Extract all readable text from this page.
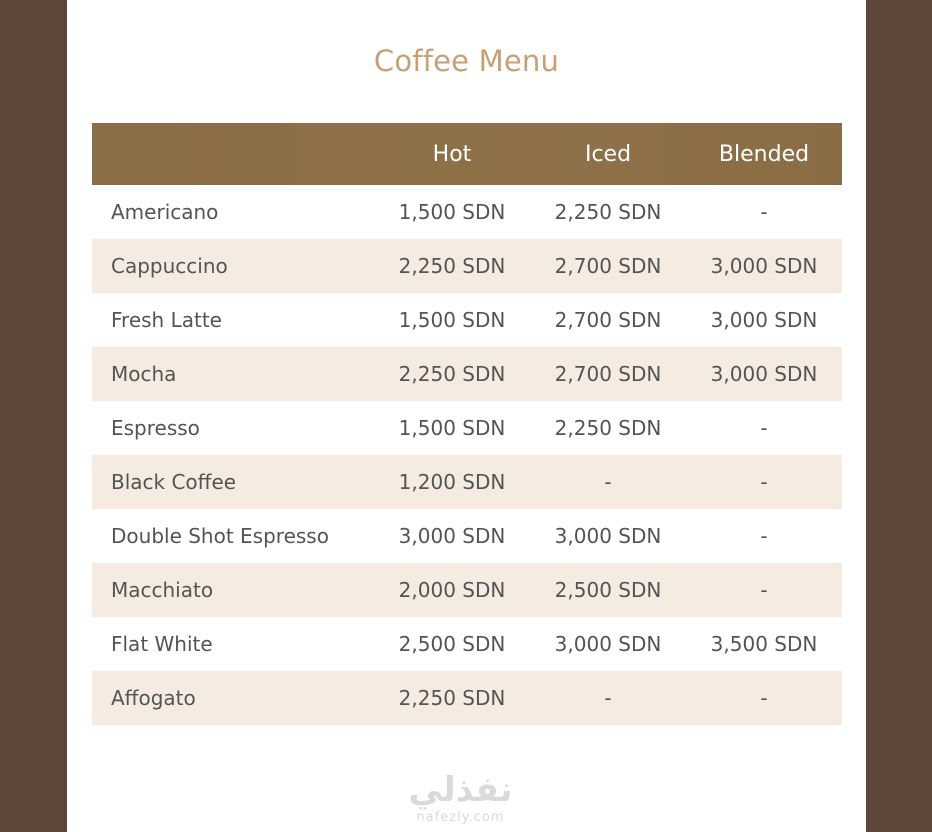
Coffee Menu
	Hot	Iced	Blended
Americano	1,500 SDN	2,250 SDN	-
Cappuccino	2,250 SDN	2,700 SDN	3,000 SDN
Fresh Latte	1,500 SDN	2,700 SDN	3,000 SDN
Mocha	2,250 SDN	2,700 SDN	3,000 SDN
Espresso	1,500 SDN	2,250 SDN	-
Black Coffee	1,200 SDN	-	-
Double Shot Espresso	3,000 SDN	3,000 SDN	-
Macchiato	2,000 SDN	2,500 SDN	-
Flat White	2,500 SDN	3,000 SDN	3,500 SDN
Affogato	2,250 SDN	-	-
نفذلي
nafezly.com
